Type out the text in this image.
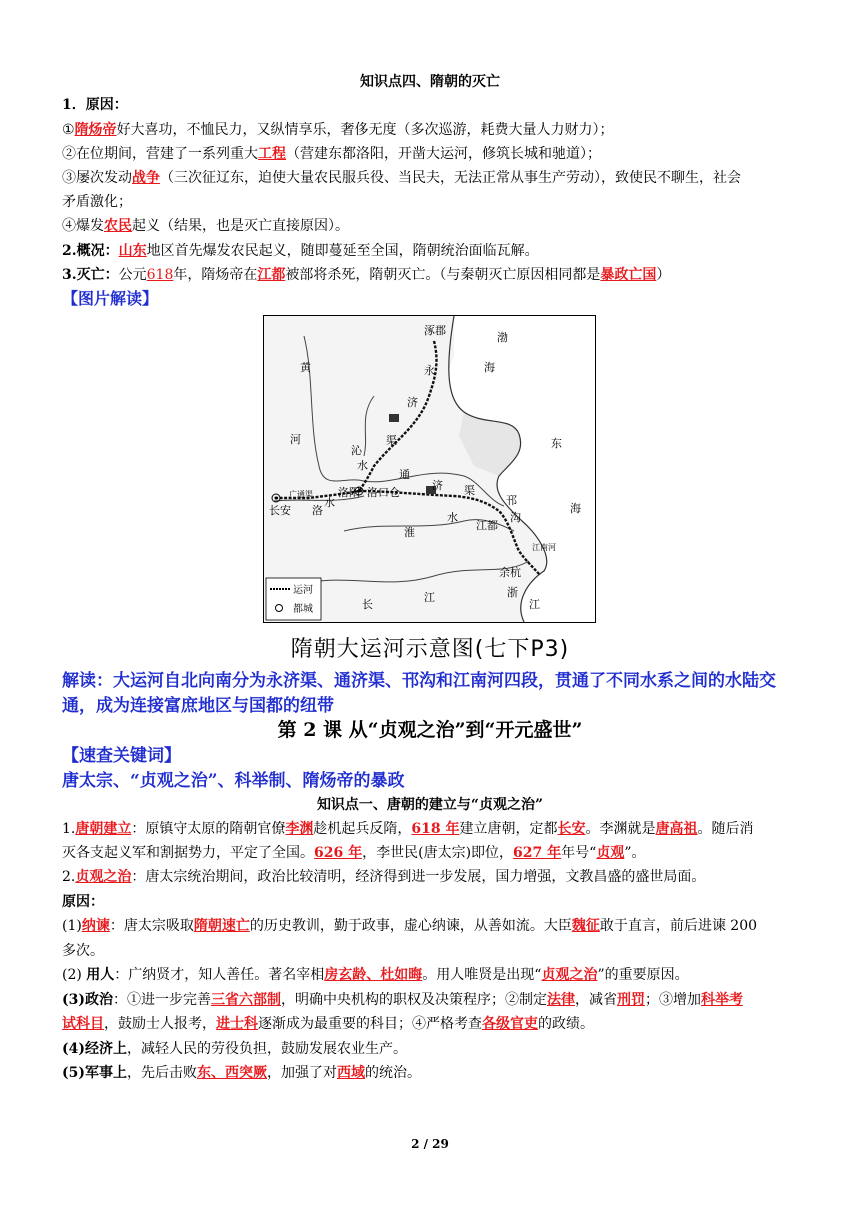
知识点四、隋朝的灭亡
1．原因：
①隋炀帝好大喜功，不恤民力，又纵情享乐，奢侈无度（多次巡游，耗费大量人力财力）；
②在位期间，营建了一系列重大工程（营建东都洛阳，开凿大运河，修筑长城和驰道）；
③屡次发动战争（三次征辽东，迫使大量农民服兵役、当民夫，无法正常从事生产劳动），致使民不聊生，社会
矛盾激化；
④爆发农民起义（结果，也是灭亡直接原因）。
2.概况：山东地区首先爆发农民起义，随即蔓延至全国，隋朝统治面临瓦解。
3.灭亡：公元618年，隋炀帝在江都被部将杀死，隋朝灭亡。（与秦朝灭亡原因相同都是暴政亡国）
【图片解读】
涿郡
渤
海
永
济
渠
黄
河	东
海
沁
水
通
济 渠
广通渠
长安 洛
水
洛阳 洛口仓
淮
水
邗
沟
江都
江南河
余杭
浙
江
长
江
运河
都城
隋朝大运河示意图(七下P3)
解读：大运河自北向南分为永济渠、通济渠、邗沟和江南河四段，贯通了不同水系之间的水陆交
通，成为连接富庶地区与国都的纽带
第 2 课 从“贞观之治”到“开元盛世”
【速查关键词】
唐太宗、“贞观之治”、科举制、隋炀帝的暴政
知识点一、唐朝的建立与“贞观之治”
1.唐朝建立：原镇守太原的隋朝官僚李渊趁机起兵反隋，618 年建立唐朝，定都长安。李渊就是唐高祖。随后消
灭各支起义军和割据势力，平定了全国。626 年，李世民(唐太宗)即位，627 年年号“贞观”。
2.贞观之治：唐太宗统治期间，政治比较清明，经济得到进一步发展，国力增强，文教昌盛的盛世局面。
原因：
(1)纳谏：唐太宗吸取隋朝速亡的历史教训，勤于政事，虚心纳谏，从善如流。大臣魏征敢于直言，前后进谏 200
多次。
(2) 用人：广纳贤才，知人善任。著名宰相房玄龄、杜如晦。用人唯贤是出现“贞观之治”的重要原因。
(3)政治：①进一步完善三省六部制，明确中央机构的职权及决策程序；②制定法律，减省刑罚；③增加科举考
试科目，鼓励士人报考，进士科逐渐成为最重要的科目；④严格考查各级官吏的政绩。
(4)经济上，减轻人民的劳役负担，鼓励发展农业生产。
(5)军事上，先后击败东、西突厥，加强了对西域的统治。
2 / 29
